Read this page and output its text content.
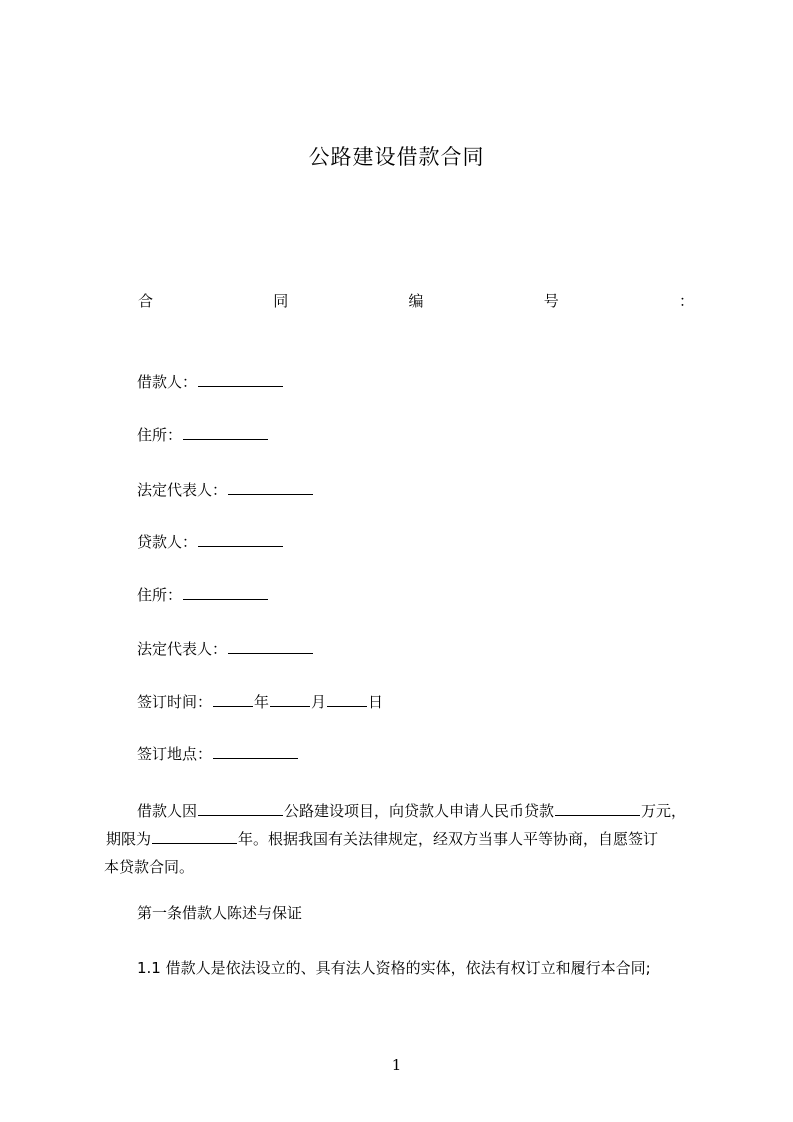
公路建设借款合同
合	同	编	号	：
借款人：
住所：
法定代表人：
贷款人：
住所：
法定代表人：
签订时间：	年	月	日
签订地点：
借款人因	公路建设项目，向贷款人申请人民币贷款	万元，
期限为	年。根据我国有关法律规定，经双方当事人平等协商，自愿签订
本贷款合同。
第一条借款人陈述与保证
1.1 借款人是依法设立的、具有法人资格的实体，依法有权订立和履行本合同;
1
